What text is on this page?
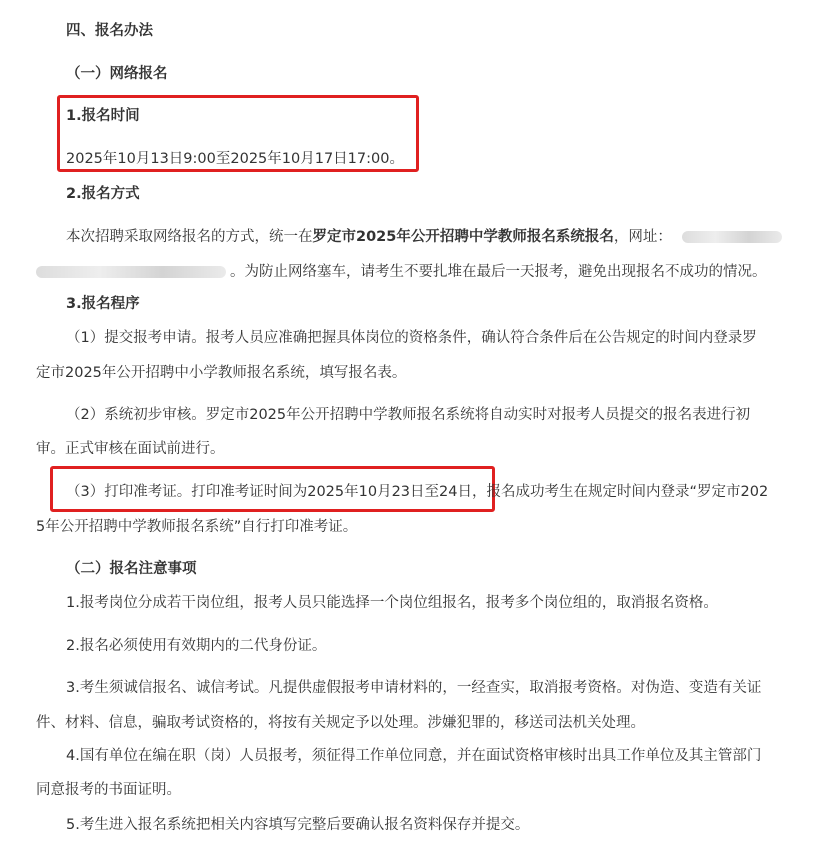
四、报名办法
（一）网络报名
1.报名时间
2025年10月13日9:00至2025年10月17日17:00。
2.报名方式
本次招聘采取网络报名的方式，统一在罗定市2025年公开招聘中学教师报名系统报名，网址：
。为防止网络塞车，请考生不要扎堆在最后一天报考，避免出现报名不成功的情况。
3.报名程序
（1）提交报考申请。报考人员应准确把握具体岗位的资格条件，确认符合条件后在公告规定的时间内登录罗
定市2025年公开招聘中小学教师报名系统，填写报名表。
（2）系统初步审核。罗定市2025年公开招聘中学教师报名系统将自动实时对报考人员提交的报名表进行初
审。正式审核在面试前进行。
（3）打印准考证。打印准考证时间为2025年10月23日至24日，报名成功考生在规定时间内登录“罗定市202
5年公开招聘中学教师报名系统”自行打印准考证。
（二）报名注意事项
1.报考岗位分成若干岗位组，报考人员只能选择一个岗位组报名，报考多个岗位组的，取消报名资格。
2.报名必须使用有效期内的二代身份证。
3.考生须诚信报名、诚信考试。凡提供虚假报考申请材料的，一经查实，取消报考资格。对伪造、变造有关证
件、材料、信息，骗取考试资格的，将按有关规定予以处理。涉嫌犯罪的，移送司法机关处理。
4.国有单位在编在职（岗）人员报考，须征得工作单位同意，并在面试资格审核时出具工作单位及其主管部门
同意报考的书面证明。
5.考生进入报名系统把相关内容填写完整后要确认报名资料保存并提交。
